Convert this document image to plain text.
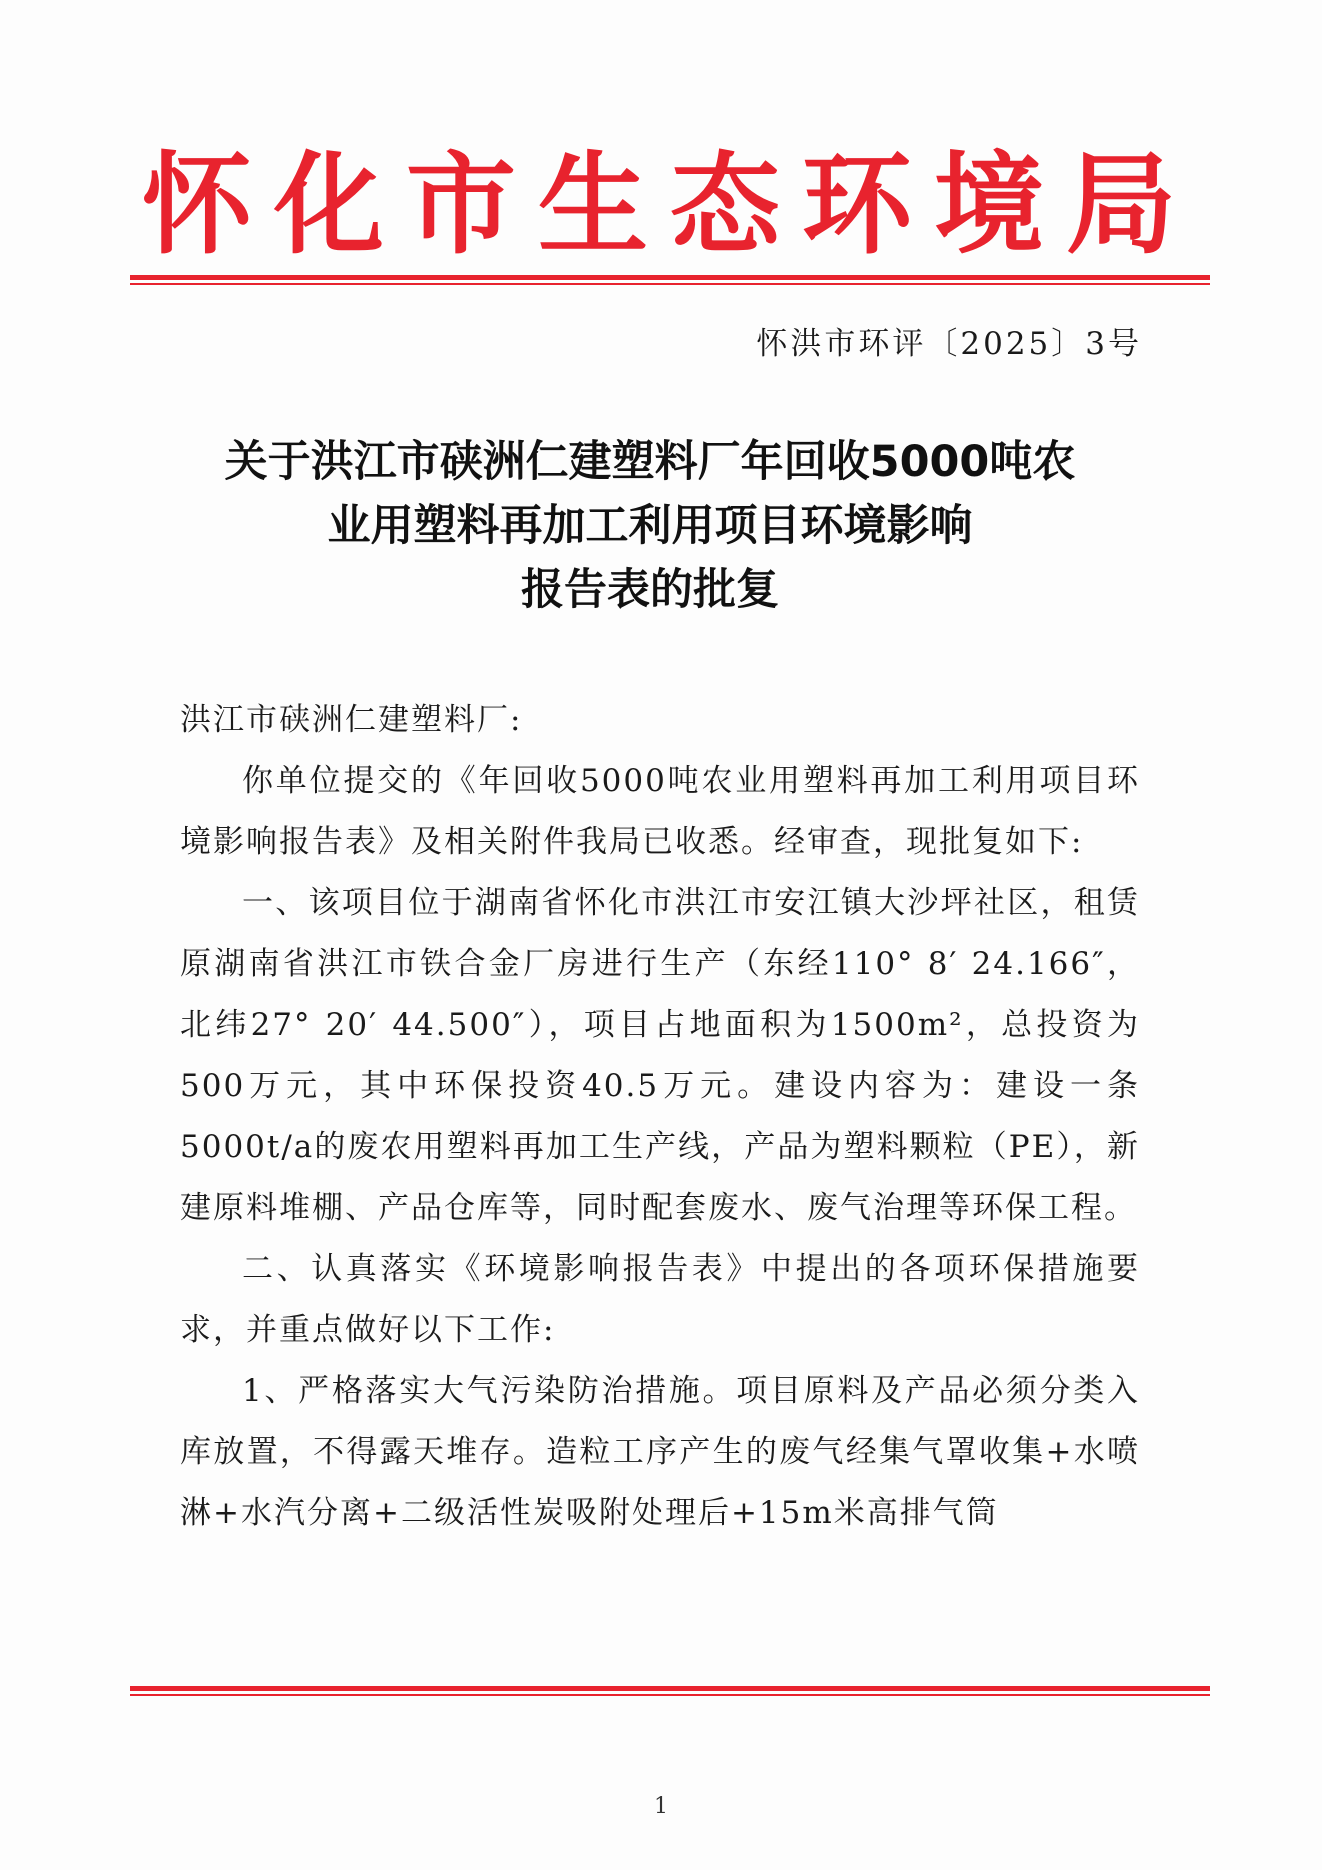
怀化市生态环境局
怀洪市环评〔2025〕3号
关于洪江市硖洲仁建塑料厂年回收5000吨农
业用塑料再加工利用项目环境影响
报告表的批复

洪江市硖洲仁建塑料厂:

你单位提交的《年回收5000吨农业用塑料再加工利用项目环境影响报告表》及相关附件我局已收悉。经审查，现批复如下:

一、该项目位于湖南省怀化市洪江市安江镇大沙坪社区，租赁原湖南省洪江市铁合金厂房进行生产（东经110° 8′ 24.166″，北纬27° 20′ 44.500″），项目占地面积为1500m²，总投资为500万元，其中环保投资40.5万元。建设内容为：建设一条5000t/a的废农用塑料再加工生产线，产品为塑料颗粒（PE），新建原料堆棚、产品仓库等，同时配套废水、废气治理等环保工程。

二、认真落实《环境影响报告表》中提出的各项环保措施要求，并重点做好以下工作:

1、严格落实大气污染防治措施。项目原料及产品必须分类入库放置，不得露天堆存。造粒工序产生的废气经集气罩收集+水喷淋+水汽分离+二级活性炭吸附处理后+15m米高排气筒

1
